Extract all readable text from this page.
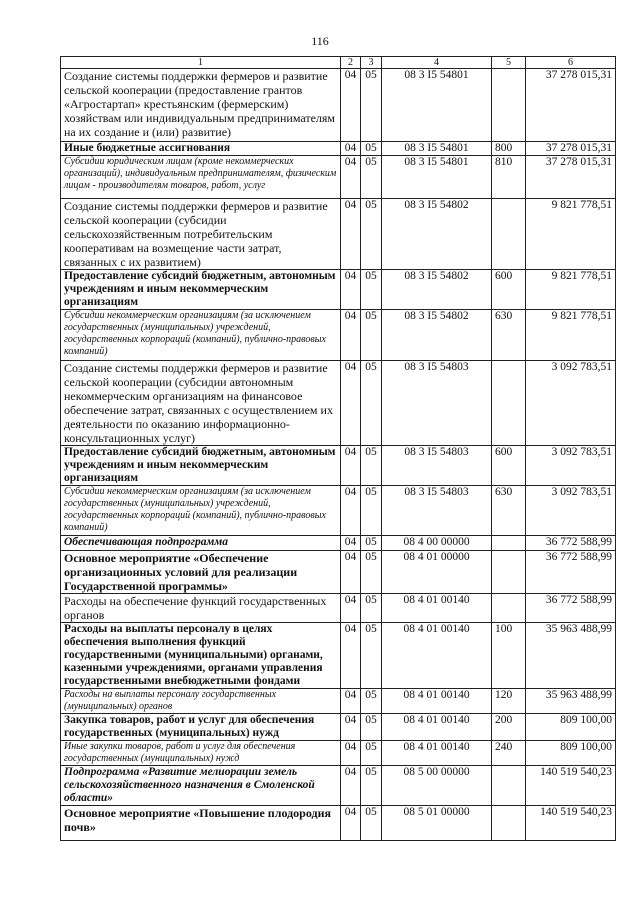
116
1	2	3	4	5	6
Создание системы поддержки фермеров и развитие сельской кооперации (предоставление грантов «Агростартап» крестьянским (фермерским) хозяйствам или индивидуальным предпринимателям на их создание и (или) развитие)	04	05	08 3 I5 54801		37 278 015,31
Иные бюджетные ассигнования	04	05	08 3 I5 54801	800	37 278 015,31
Субсидии юридическим лицам (кроме некоммерческих организаций), индивидуальным предпринимателям, физическим лицам - производителям товаров, работ, услуг	04	05	08 3 I5 54801	810	37 278 015,31
Создание системы поддержки фермеров и развитие сельской кооперации (субсидии сельскохозяйственным потребительским кооперативам на возмещение части затрат, связанных с их развитием)	04	05	08 3 I5 54802		9 821 778,51
Предоставление субсидий бюджетным, автономным учреждениям и иным некоммерческим организациям	04	05	08 3 I5 54802	600	9 821 778,51
Субсидии некоммерческим организациям (за исключением государственных (муниципальных) учреждений, государственных корпораций (компаний), публично-правовых компаний)	04	05	08 3 I5 54802	630	9 821 778,51
Создание системы поддержки фермеров и развитие сельской кооперации (субсидии автономным некоммерческим организациям на финансовое обеспечение затрат, связанных с осуществлением их деятельности по оказанию информационно-консультационных услуг)	04	05	08 3 I5 54803		3 092 783,51
Предоставление субсидий бюджетным, автономным учреждениям и иным некоммерческим организациям	04	05	08 3 I5 54803	600	3 092 783,51
Субсидии некоммерческим организациям (за исключением государственных (муниципальных) учреждений, государственных корпораций (компаний), публично-правовых компаний)	04	05	08 3 I5 54803	630	3 092 783,51
Обеспечивающая подпрограмма	04	05	08 4 00 00000		36 772 588,99
Основное мероприятие «Обеспечение организационных условий для реализации Государственной программы»	04	05	08 4 01 00000		36 772 588,99
Расходы на обеспечение функций государственных органов	04	05	08 4 01 00140		36 772 588,99
Расходы на выплаты персоналу в целях обеспечения выполнения функций государственными (муниципальными) органами, казенными учреждениями, органами управления государственными внебюджетными фондами	04	05	08 4 01 00140	100	35 963 488,99
Расходы на выплаты персоналу государственных (муниципальных) органов	04	05	08 4 01 00140	120	35 963 488,99
Закупка товаров, работ и услуг для обеспечения государственных (муниципальных) нужд	04	05	08 4 01 00140	200	809 100,00
Иные закупки товаров, работ и услуг для обеспечения государственных (муниципальных) нужд	04	05	08 4 01 00140	240	809 100,00
Подпрограмма «Развитие мелиорации земель сельскохозяйственного назначения в Смоленской области»	04	05	08 5 00 00000		140 519 540,23
Основное мероприятие «Повышение плодородия почв»	04	05	08 5 01 00000		140 519 540,23
